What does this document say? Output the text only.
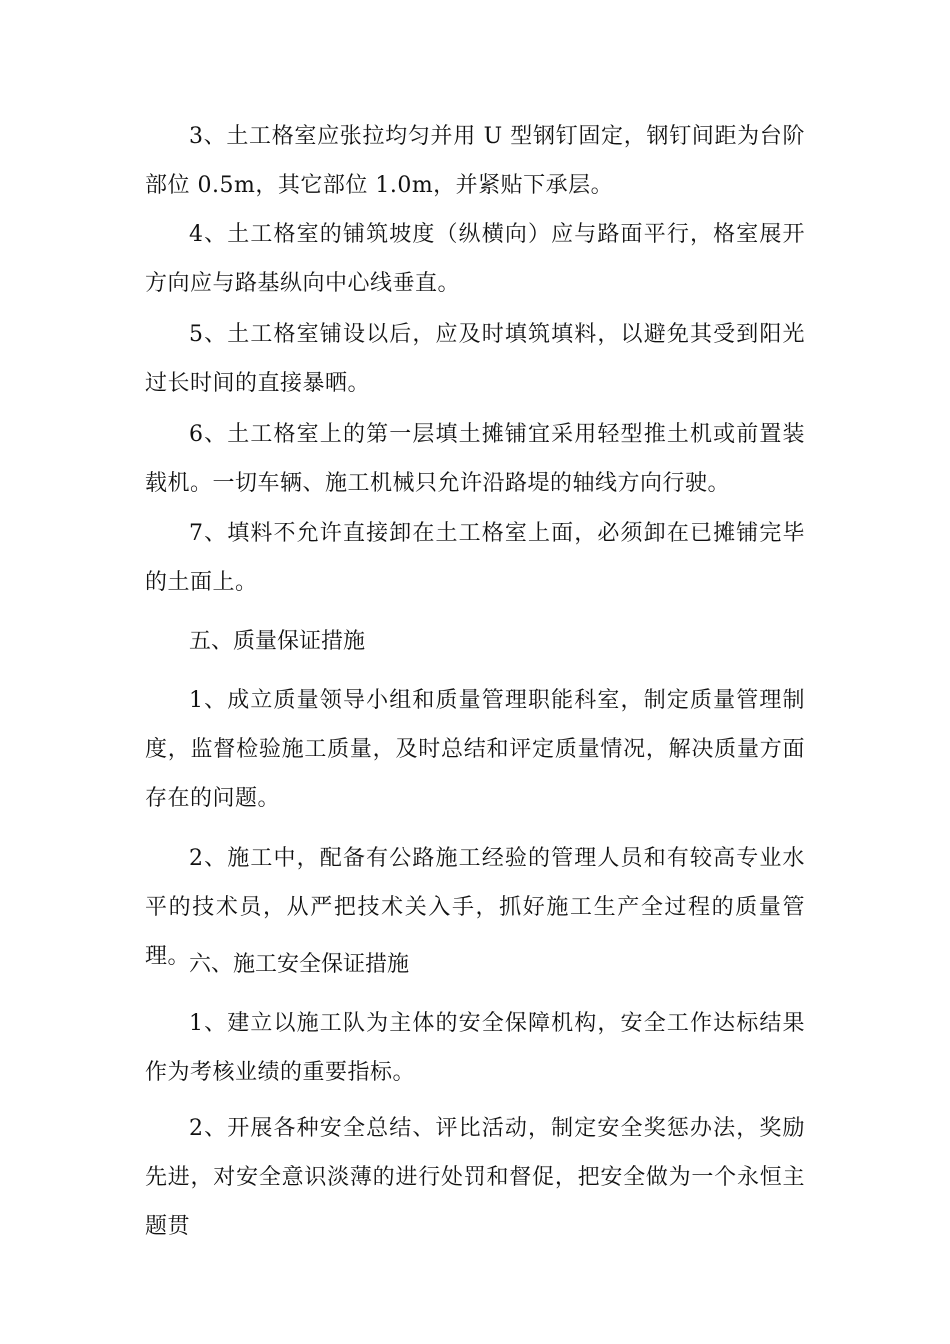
3、土工格室应张拉均匀并用 U 型钢钉固定，钢钉间距为台阶部位 0.5m，其它部位 1.0m，并紧贴下承层。

4、土工格室的铺筑坡度（纵横向）应与路面平行，格室展开方向应与路基纵向中心线垂直。

5、土工格室铺设以后，应及时填筑填料，以避免其受到阳光过长时间的直接暴晒。

6、土工格室上的第一层填土摊铺宜采用轻型推土机或前置装载机。一切车辆、施工机械只允许沿路堤的轴线方向行驶。

7、填料不允许直接卸在土工格室上面，必须卸在已摊铺完毕的土面上。

五、质量保证措施

1、成立质量领导小组和质量管理职能科室，制定质量管理制度，监督检验施工质量，及时总结和评定质量情况，解决质量方面存在的问题。

2、施工中，配备有公路施工经验的管理人员和有较高专业水平的技术员，从严把技术关入手，抓好施工生产全过程的质量管理。

六、施工安全保证措施

1、建立以施工队为主体的安全保障机构，安全工作达标结果作为考核业绩的重要指标。

2、开展各种安全总结、评比活动，制定安全奖惩办法，奖励先进，对安全意识淡薄的进行处罚和督促，把安全做为一个永恒主题贯
